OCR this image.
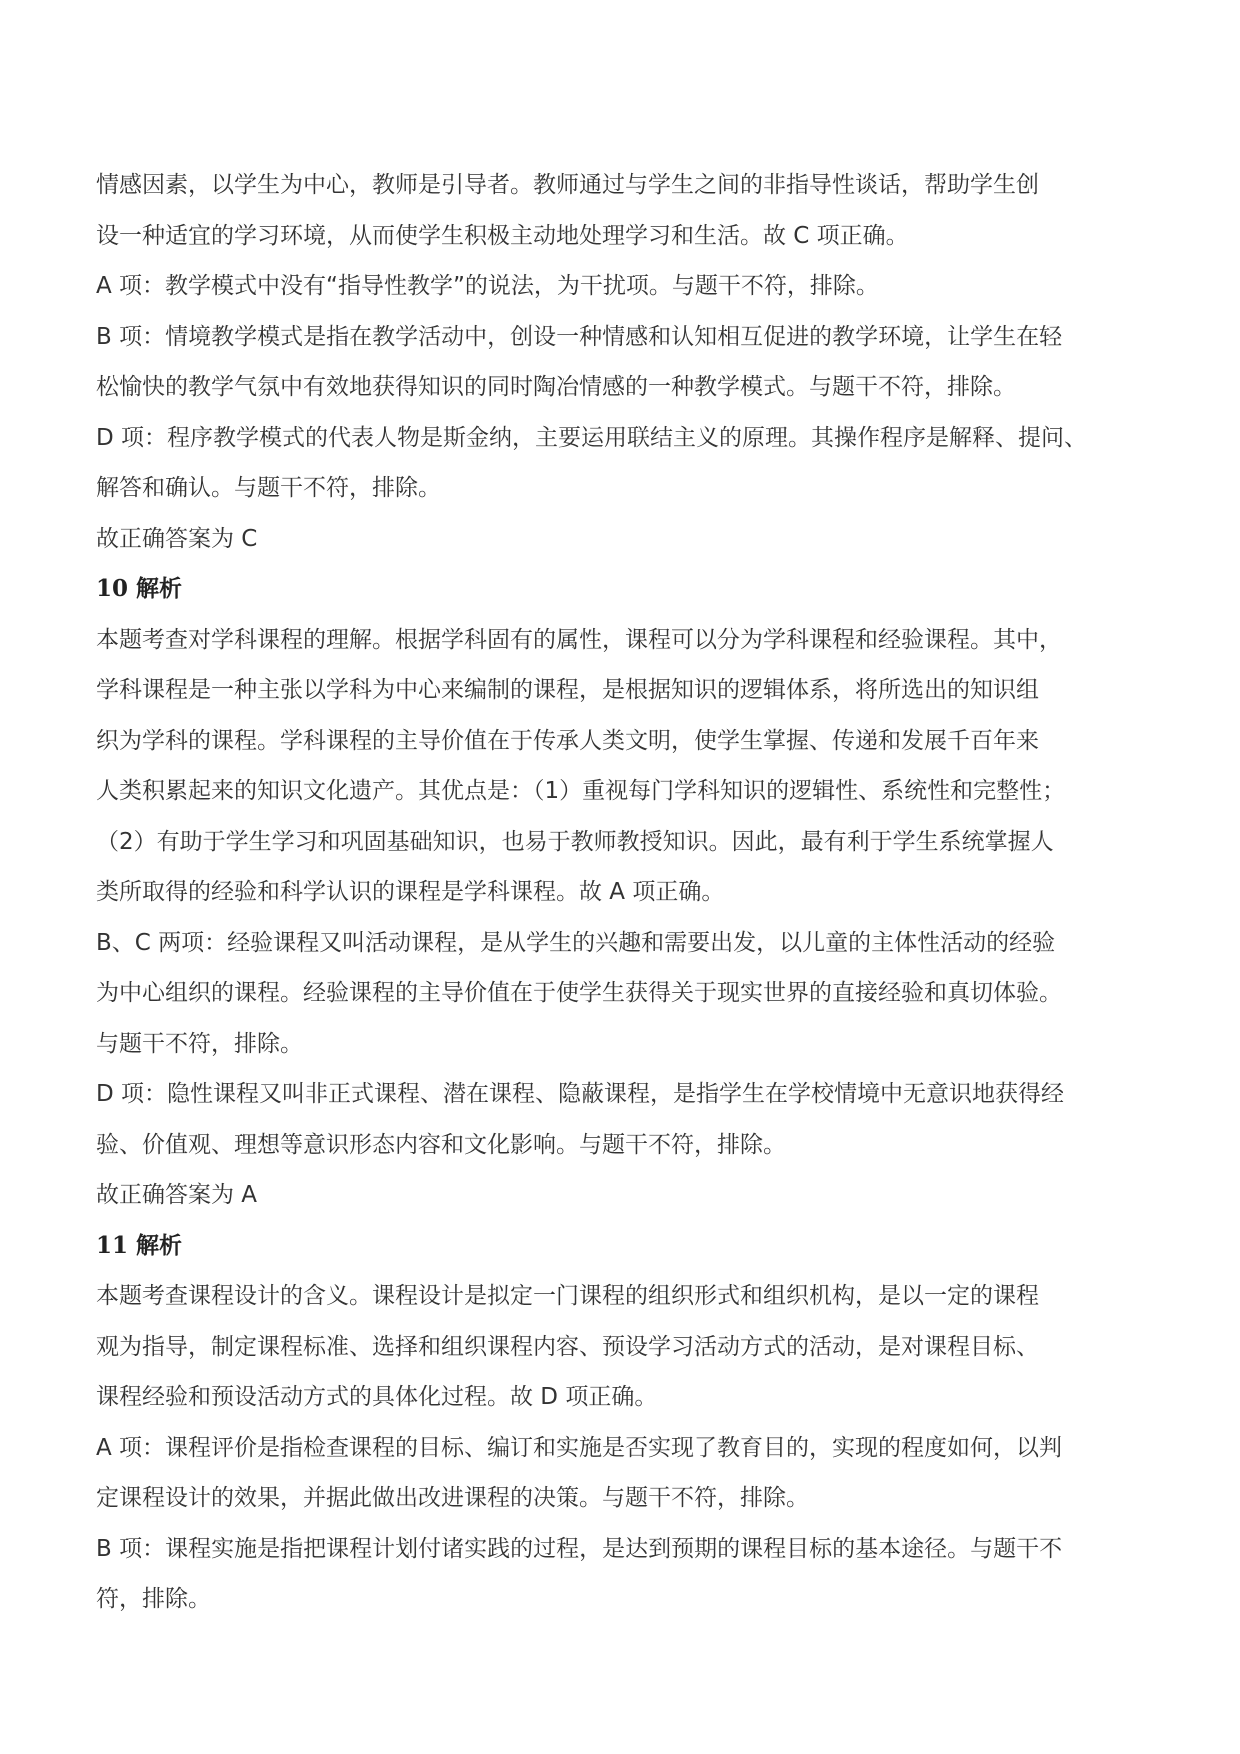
情感因素，以学生为中心，教师是引导者。教师通过与学生之间的非指导性谈话，帮助学生创
设一种适宜的学习环境，从而使学生积极主动地处理学习和生活。故 C 项正确。

A 项：教学模式中没有“指导性教学”的说法，为干扰项。与题干不符，排除。

B 项：情境教学模式是指在教学活动中，创设一种情感和认知相互促进的教学环境，让学生在轻
松愉快的教学气氛中有效地获得知识的同时陶冶情感的一种教学模式。与题干不符，排除。

D 项：程序教学模式的代表人物是斯金纳，主要运用联结主义的原理。其操作程序是解释、提问、
解答和确认。与题干不符，排除。

故正确答案为 C

10 解析

本题考查对学科课程的理解。根据学科固有的属性，课程可以分为学科课程和经验课程。其中，
学科课程是一种主张以学科为中心来编制的课程，是根据知识的逻辑体系，将所选出的知识组
织为学科的课程。学科课程的主导价值在于传承人类文明，使学生掌握、传递和发展千百年来
人类积累起来的知识文化遗产。其优点是：（1）重视每门学科知识的逻辑性、系统性和完整性；
（2）有助于学生学习和巩固基础知识，也易于教师教授知识。因此，最有利于学生系统掌握人
类所取得的经验和科学认识的课程是学科课程。故 A 项正确。

B、C 两项：经验课程又叫活动课程，是从学生的兴趣和需要出发，以儿童的主体性活动的经验
为中心组织的课程。经验课程的主导价值在于使学生获得关于现实世界的直接经验和真切体验。
与题干不符，排除。

D 项：隐性课程又叫非正式课程、潜在课程、隐蔽课程，是指学生在学校情境中无意识地获得经
验、价值观、理想等意识形态内容和文化影响。与题干不符，排除。

故正确答案为 A

11 解析

本题考查课程设计的含义。课程设计是拟定一门课程的组织形式和组织机构，是以一定的课程
观为指导，制定课程标准、选择和组织课程内容、预设学习活动方式的活动，是对课程目标、
课程经验和预设活动方式的具体化过程。故 D 项正确。

A 项：课程评价是指检查课程的目标、编订和实施是否实现了教育目的，实现的程度如何，以判
定课程设计的效果，并据此做出改进课程的决策。与题干不符，排除。

B 项：课程实施是指把课程计划付诸实践的过程，是达到预期的课程目标的基本途径。与题干不
符，排除。
